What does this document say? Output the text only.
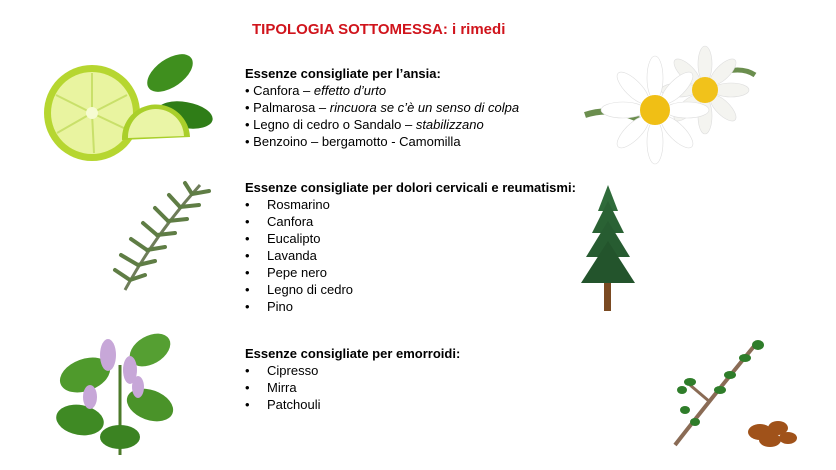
TIPOLOGIA SOTTOMESSA: i rimedi
Essenze consigliate per l’ansia:
• Canfora – effetto d’urto
• Palmarosa – rincuora se c’è un senso di colpa
• Legno di cedro o Sandalo – stabilizzano
• Benzoino – bergamotto - Camomilla
Essenze consigliate per dolori cervicali e reumatismi:
• Rosmarino
• Canfora
• Eucalipto
• Lavanda
• Pepe nero
• Legno di cedro
• Pino
Essenze consigliate per emorroidi:
• Cipresso
• Mirra
• Patchouli
